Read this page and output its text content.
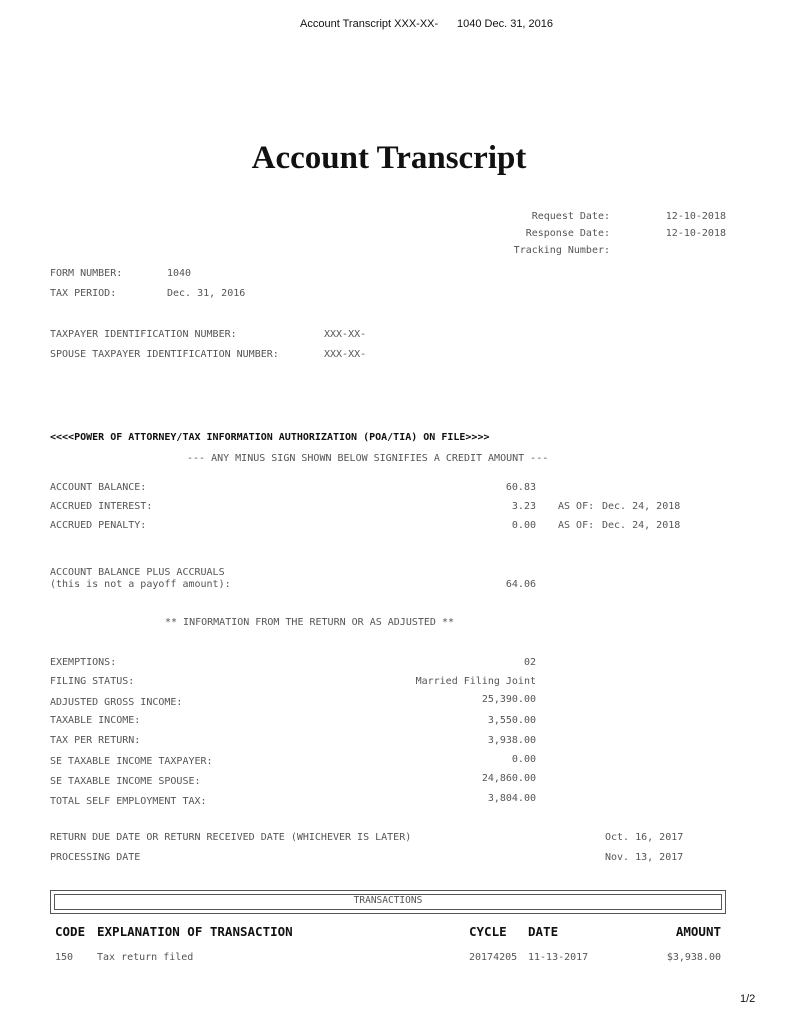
Account Transcript XXX-XX- 1040 Dec. 31, 2016
Account Transcript
Request Date:	12-10-2018
Response Date:	12-10-2018
Tracking Number:
FORM NUMBER:	1040
TAX PERIOD:	Dec. 31, 2016
TAXPAYER IDENTIFICATION NUMBER:	XXX-XX-
SPOUSE TAXPAYER IDENTIFICATION NUMBER:	XXX-XX-
<<<<POWER OF ATTORNEY/TAX INFORMATION AUTHORIZATION (POA/TIA) ON FILE>>>>
--- ANY MINUS SIGN SHOWN BELOW SIGNIFIES A CREDIT AMOUNT ---
ACCOUNT BALANCE:	60.83
ACCRUED INTEREST:	3.23 AS OF: Dec. 24, 2018
ACCRUED PENALTY:	0.00 AS OF: Dec. 24, 2018
ACCOUNT BALANCE PLUS ACCRUALS
(this is not a payoff amount):	64.06
** INFORMATION FROM THE RETURN OR AS ADJUSTED **
EXEMPTIONS:	02
FILING STATUS:	Married Filing Joint
ADJUSTED GROSS INCOME:	25,390.00
TAXABLE INCOME:	3,550.00
TAX PER RETURN:	3,938.00
SE TAXABLE INCOME TAXPAYER:	0.00
SE TAXABLE INCOME SPOUSE:	24,860.00
TOTAL SELF EMPLOYMENT TAX:	3,804.00
RETURN DUE DATE OR RETURN RECEIVED DATE (WHICHEVER IS LATER)	Oct. 16, 2017
PROCESSING DATE	Nov. 13, 2017
TRANSACTIONS
CODE EXPLANATION OF TRANSACTION	CYCLE DATE	AMOUNT
150 Tax return filed	20174205 11-13-2017	$3,938.00
1/2
